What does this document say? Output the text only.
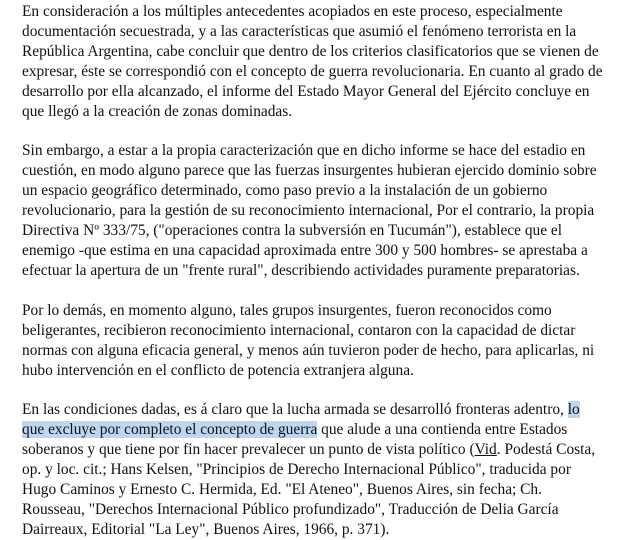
En consideración a los múltiples antecedentes acopiados en este proceso, especialmente
documentación secuestrada, y a las características que asumió el fenómeno terrorista en la
República Argentina, cabe concluir que dentro de los criterios clasificatorios que se vienen de
expresar, éste se correspondió con el concepto de guerra revolucionaria. En cuanto al grado de
desarrollo por ella alcanzado, el informe del Estado Mayor General del Ejército concluye en
que llegó a la creación de zonas dominadas.

Sin embargo, a estar a la propia caracterización que en dicho informe se hace del estadio en
cuestión, en modo alguno parece que las fuerzas insurgentes hubieran ejercido dominio sobre
un espacio geográfico determinado, como paso previo a la instalación de un gobierno
revolucionario, para la gestión de su reconocimiento internacional, Por el contrario, la propia
Directiva Nº 333/75, ("operaciones contra la subversión en Tucumán"), establece que el
enemigo -que estima en una capacidad aproximada entre 300 y 500 hombres- se aprestaba a
efectuar la apertura de un "frente rural", describiendo actividades puramente preparatorias.

Por lo demás, en momento alguno, tales grupos insurgentes, fueron reconocidos como
beligerantes, recibieron reconocimiento internacional, contaron con la capacidad de dictar
normas con alguna eficacia general, y menos aún tuvieron poder de hecho, para aplicarlas, ni
hubo intervención en el conflicto de potencia extranjera alguna.

En las condiciones dadas, es á claro que la lucha armada se desarrolló fronteras adentro, lo
que excluye por completo el concepto de guerra que alude a una contienda entre Estados
soberanos y que tiene por fin hacer prevalecer un punto de vista político (Vid. Podestá Costa,
op. y loc. cit.; Hans Kelsen, "Principios de Derecho Internacional Público", traducida por
Hugo Caminos y Ernesto C. Hermida, Ed. "El Ateneo", Buenos Aires, sin fecha; Ch.
Rousseau, "Derechos Internacional Público profundizado", Traducción de Delia García
Dairreaux, Editorial "La Ley", Buenos Aires, 1966, p. 371).
